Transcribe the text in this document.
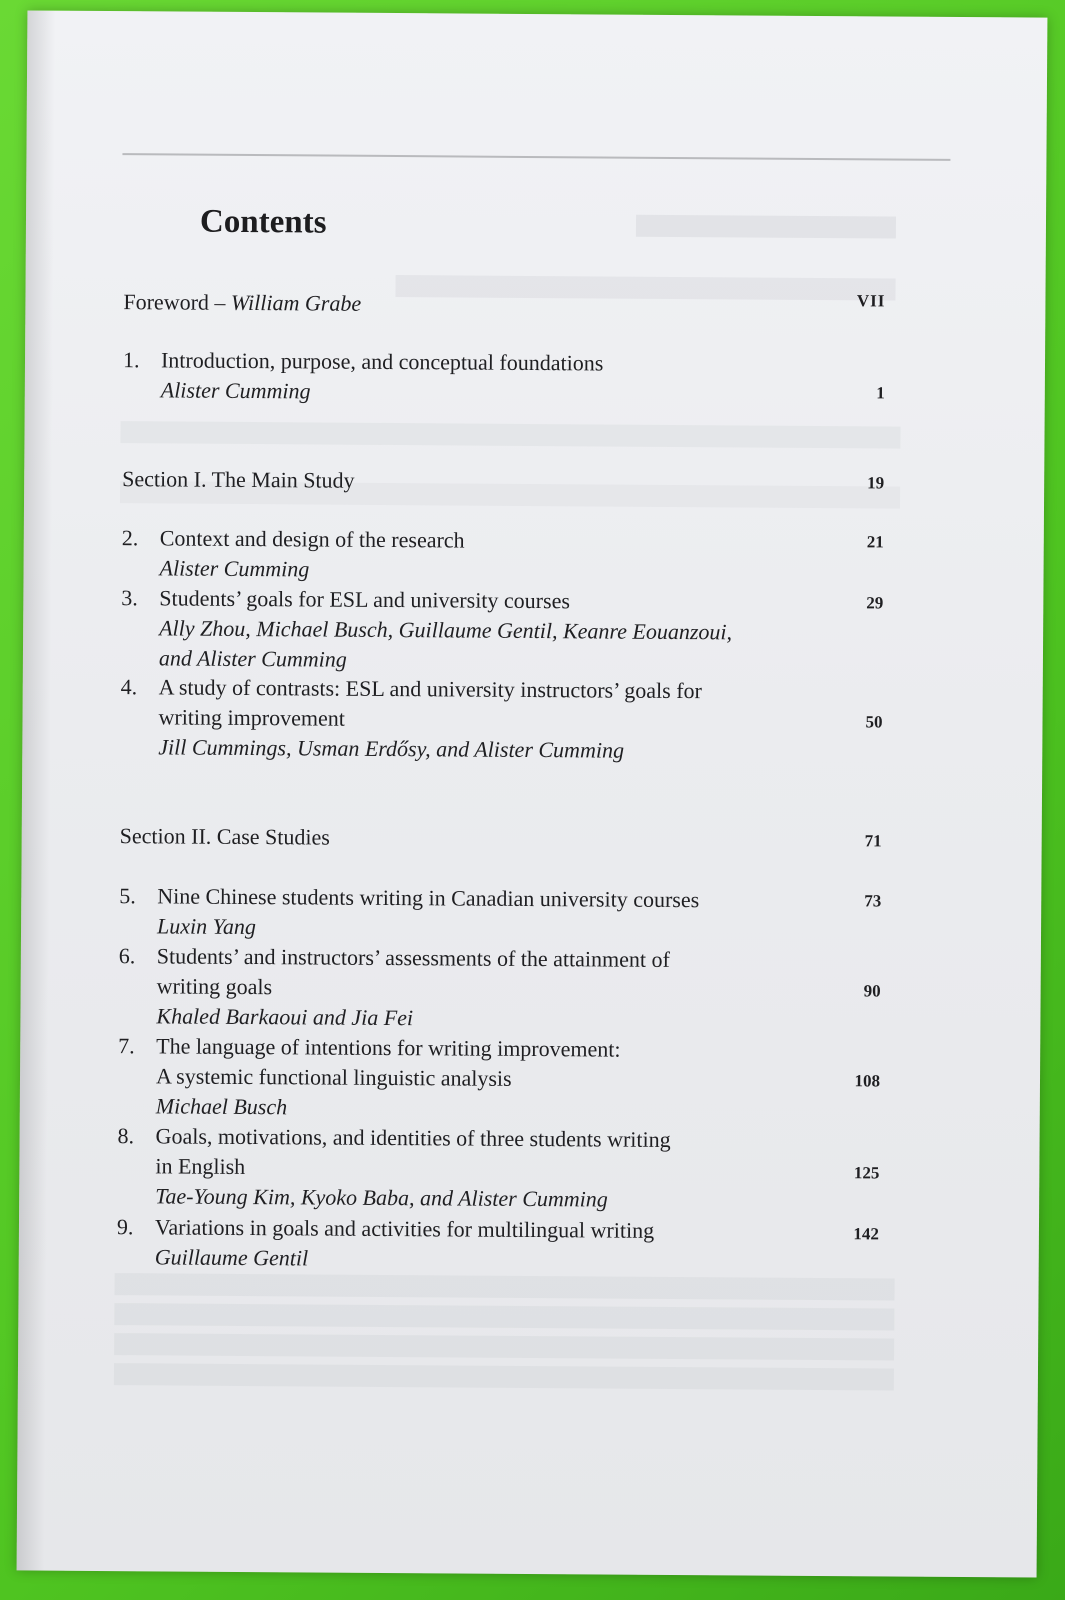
Contents
Foreword – William Grabe	VII
1. Introduction, purpose, and conceptual foundations
Alister Cumming	1
Section I. The Main Study	19
2. Context and design of the research	21
Alister Cumming
3. Students’ goals for ESL and university courses	29
Ally Zhou, Michael Busch, Guillaume Gentil, Keanre Eouanzoui,
and Alister Cumming
4. A study of contrasts: ESL and university instructors’ goals for
writing improvement	50
Jill Cummings, Usman Erdősy, and Alister Cumming
Section II. Case Studies	71
5. Nine Chinese students writing in Canadian university courses	73
Luxin Yang
6. Students’ and instructors’ assessments of the attainment of
writing goals	90
Khaled Barkaoui and Jia Fei
7. The language of intentions for writing improvement:
A systemic functional linguistic analysis	108
Michael Busch
8. Goals, motivations, and identities of three students writing
in English	125
Tae-Young Kim, Kyoko Baba, and Alister Cumming
9. Variations in goals and activities for multilingual writing	142
Guillaume Gentil
